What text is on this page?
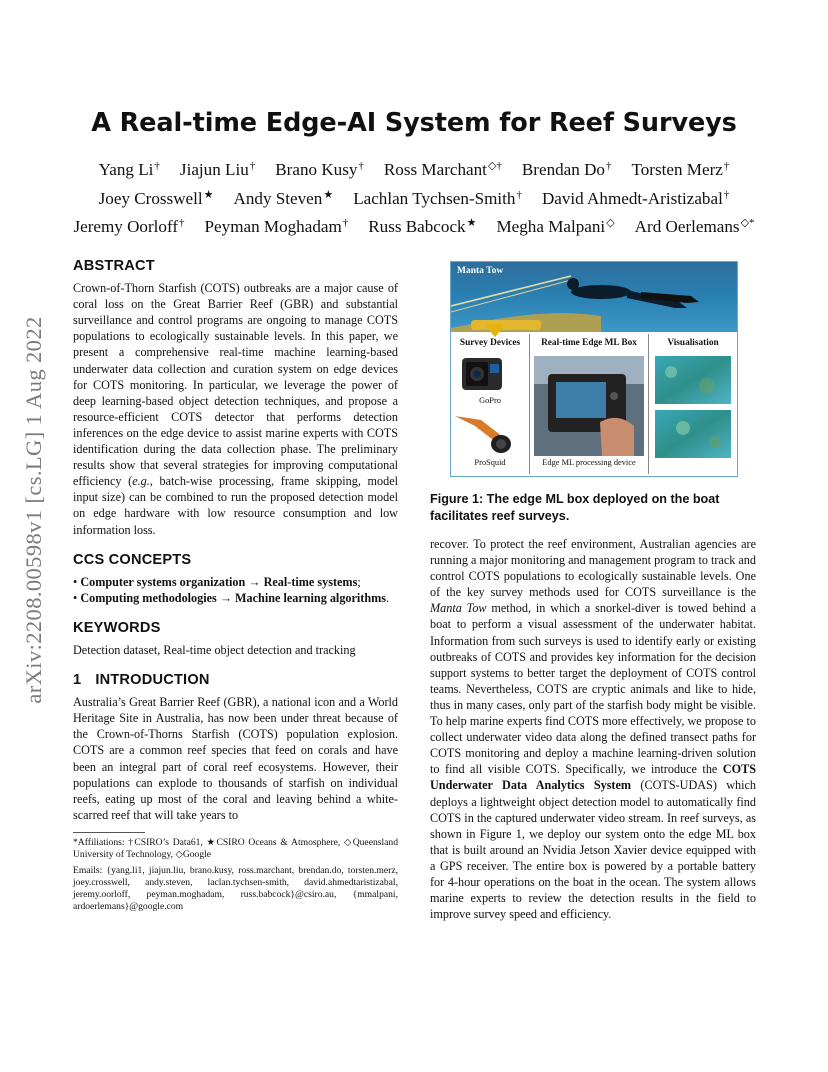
arXiv:2208.00598v1 [cs.LG] 1 Aug 2022
A Real-time Edge-AI System for Reef Surveys
Yang Li† Jiajun Liu† Brano Kusy† Ross Marchant◇† Brendan Do† Torsten Merz†Joey Crosswell★ Andy Steven★ Lachlan Tychsen-Smith† David Ahmedt-Aristizabal†Jeremy Oorloff† Peyman Moghadam† Russ Babcock★ Megha Malpani◇ Ard Oerlemans◇*
ABSTRACT

Crown-of-Thorn Starfish (COTS) outbreaks are a major cause of coral loss on the Great Barrier Reef (GBR) and substantial surveillance and control programs are ongoing to manage COTS populations to ecologically sustainable levels. In this paper, we present a comprehensive real-time machine learning-based underwater data collection and curation system on edge devices for COTS monitoring. In particular, we leverage the power of deep learning-based object detection techniques, and propose a resource-efficient COTS detector that performs detection inferences on the edge device to assist marine experts with COTS identification during the data collection phase. The preliminary results show that several strategies for improving computational efficiency (e.g., batch-wise processing, frame skipping, model input size) can be combined to run the proposed detection model on edge hardware with low resource consumption and low information loss.

CCS CONCEPTS

• Computer systems organization → Real-time systems;

• Computing methodologies → Machine learning algorithms.

KEYWORDS

Detection dataset, Real-time object detection and tracking

1 INTRODUCTION

Australia’s Great Barrier Reef (GBR), a national icon and a World Heritage Site in Australia, has now been under threat because of the Crown-of-Thorns Starfish (COTS) population explosion. COTS are a common reef species that feed on corals and have been an integral part of coral reef ecosystems. However, their populations can explode to thousands of starfish on individual reefs, eating up most of the coral and leaving behind a white-scarred reef that will take years to

*Affiliations: †CSIRO’s Data61, ★CSIRO Oceans & Atmosphere, ◇Queensland University of Technology, ◇Google

Emails: {yang.li1, jiajun.liu, brano.kusy, ross.marchant, brendan.do, torsten.merz, joey.crosswell, andy.steven, laclan.tychsen-smith, david.ahmedtaristizabal, jeremy.oorloff, peyman.moghadam, russ.babcock}@csiro.au, {mmalpani, ardoerlemans}@google.com

Manta Tow
Survey Devices	Real-time Edge ML Box	Visualisation
GoPro
ProSquid	Edge ML processing device
Figure 1: The edge ML box deployed on the boat facilitates reef surveys.

recover. To protect the reef environment, Australian agencies are running a major monitoring and management program to track and control COTS populations to ecologically sustainable levels. One of the key survey methods used for COTS surveillance is the Manta Tow method, in which a snorkel-diver is towed behind a boat to perform a visual assessment of the underwater habitat. Information from such surveys is used to identify early or existing outbreaks of COTS and provides key information for the decision support systems to better target the deployment of COTS control teams. Nevertheless, COTS are cryptic animals and like to hide, thus in many cases, only part of the starfish body might be visible. To help marine experts find COTS more effectively, we propose to collect underwater video data along the defined transect paths for COTS monitoring and deploy a machine learning-driven solution to find all visible COTS. Specifically, we introduce the COTS Underwater Data Analytics System (COTS-UDAS) which deploys a lightweight object detection model to automatically find COTS in the captured underwater video stream. In reef surveys, as shown in Figure 1, we deploy our system onto the edge ML box that is built around an Nvidia Jetson Xavier device equipped with a GPS receiver. The entire box is powered by a portable battery for 4-hour operations on the boat in the ocean. The system allows marine experts to review the detection results in the field to improve survey speed and efficiency.
